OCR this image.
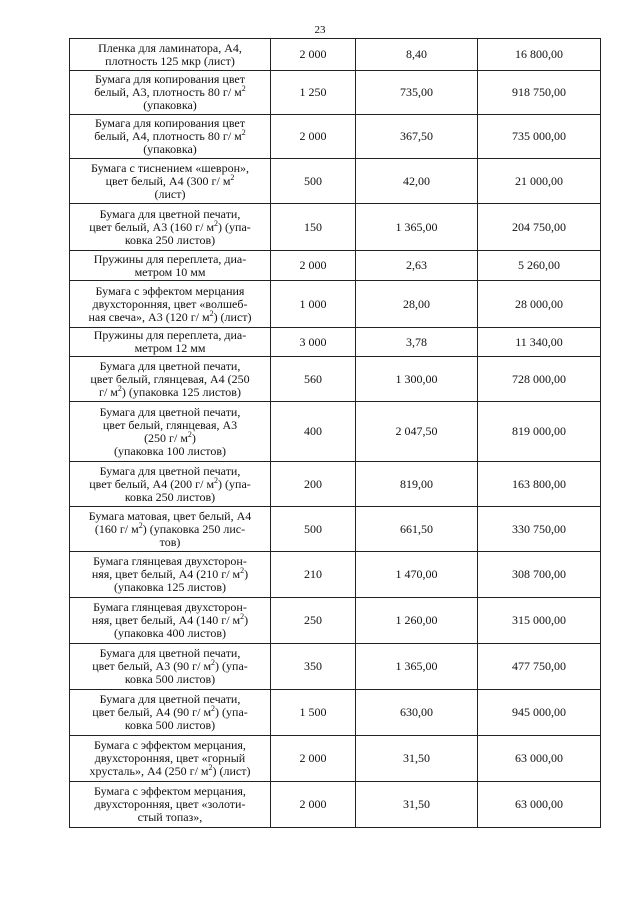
23
Пленка для ламинатора, А4,
плотность 125 мкр (лист)	2 000	8,40	16 800,00
Бумага для копирования цвет
белый, А3, плотность 80 г/ $м^2$
(упаковка)	1 250	735,00	918 750,00
Бумага для копирования цвет
белый, А4, плотность 80 г/ $м^2$
(упаковка)	2 000	367,50	735 000,00
Бумага с тиснением «шеврон»,
цвет белый, А4 (300 г/ $м^2$
(лист)	500	42,00	21 000,00
Бумага для цветной печати,
цвет белый, А3 (160 г/ $м^2$) (упа-
ковка 250 листов)	150	1 365,00	204 750,00
Пружины для переплета, диа-
метром 10 мм	2 000	2,63	5 260,00
Бумага с эффектом мерцания
двухсторонняя, цвет «волшеб-
ная свеча», А3 (120 г/ $м^2$) (лист)	1 000	28,00	28 000,00
Пружины для переплета, диа-
метром 12 мм	3 000	3,78	11 340,00
Бумага для цветной печати,
цвет белый, глянцевая, А4 (250
г/ $м^2$) (упаковка 125 листов)	560	1 300,00	728 000,00
Бумага для цветной печати,
цвет белый, глянцевая, А3
(250 г/ $м^2$)
(упаковка 100 листов)	400	2 047,50	819 000,00
Бумага для цветной печати,
цвет белый, А4 (200 г/ $м^2$) (упа-
ковка 250 листов)	200	819,00	163 800,00
Бумага матовая, цвет белый, А4
(160 г/ $м^2$) (упаковка 250 лис-
тов)	500	661,50	330 750,00
Бумага глянцевая двухсторон-
няя, цвет белый, А4 (210 г/ $м^2$)
(упаковка 125 листов)	210	1 470,00	308 700,00
Бумага глянцевая двухсторон-
няя, цвет белый, А4 (140 г/ $м^2$)
(упаковка 400 листов)	250	1 260,00	315 000,00
Бумага для цветной печати,
цвет белый, А3 (90 г/ $м^2$) (упа-
ковка 500 листов)	350	1 365,00	477 750,00
Бумага для цветной печати,
цвет белый, А4 (90 г/ $м^2$) (упа-
ковка 500 листов)	1 500	630,00	945 000,00
Бумага с эффектом мерцания,
двухсторонняя, цвет «горный
хрусталь», А4 (250 г/ $м^2$) (лист)	2 000	31,50	63 000,00
Бумага с эффектом мерцания,
двухсторонняя, цвет «золоти-
стый топаз»,	2 000	31,50	63 000,00
